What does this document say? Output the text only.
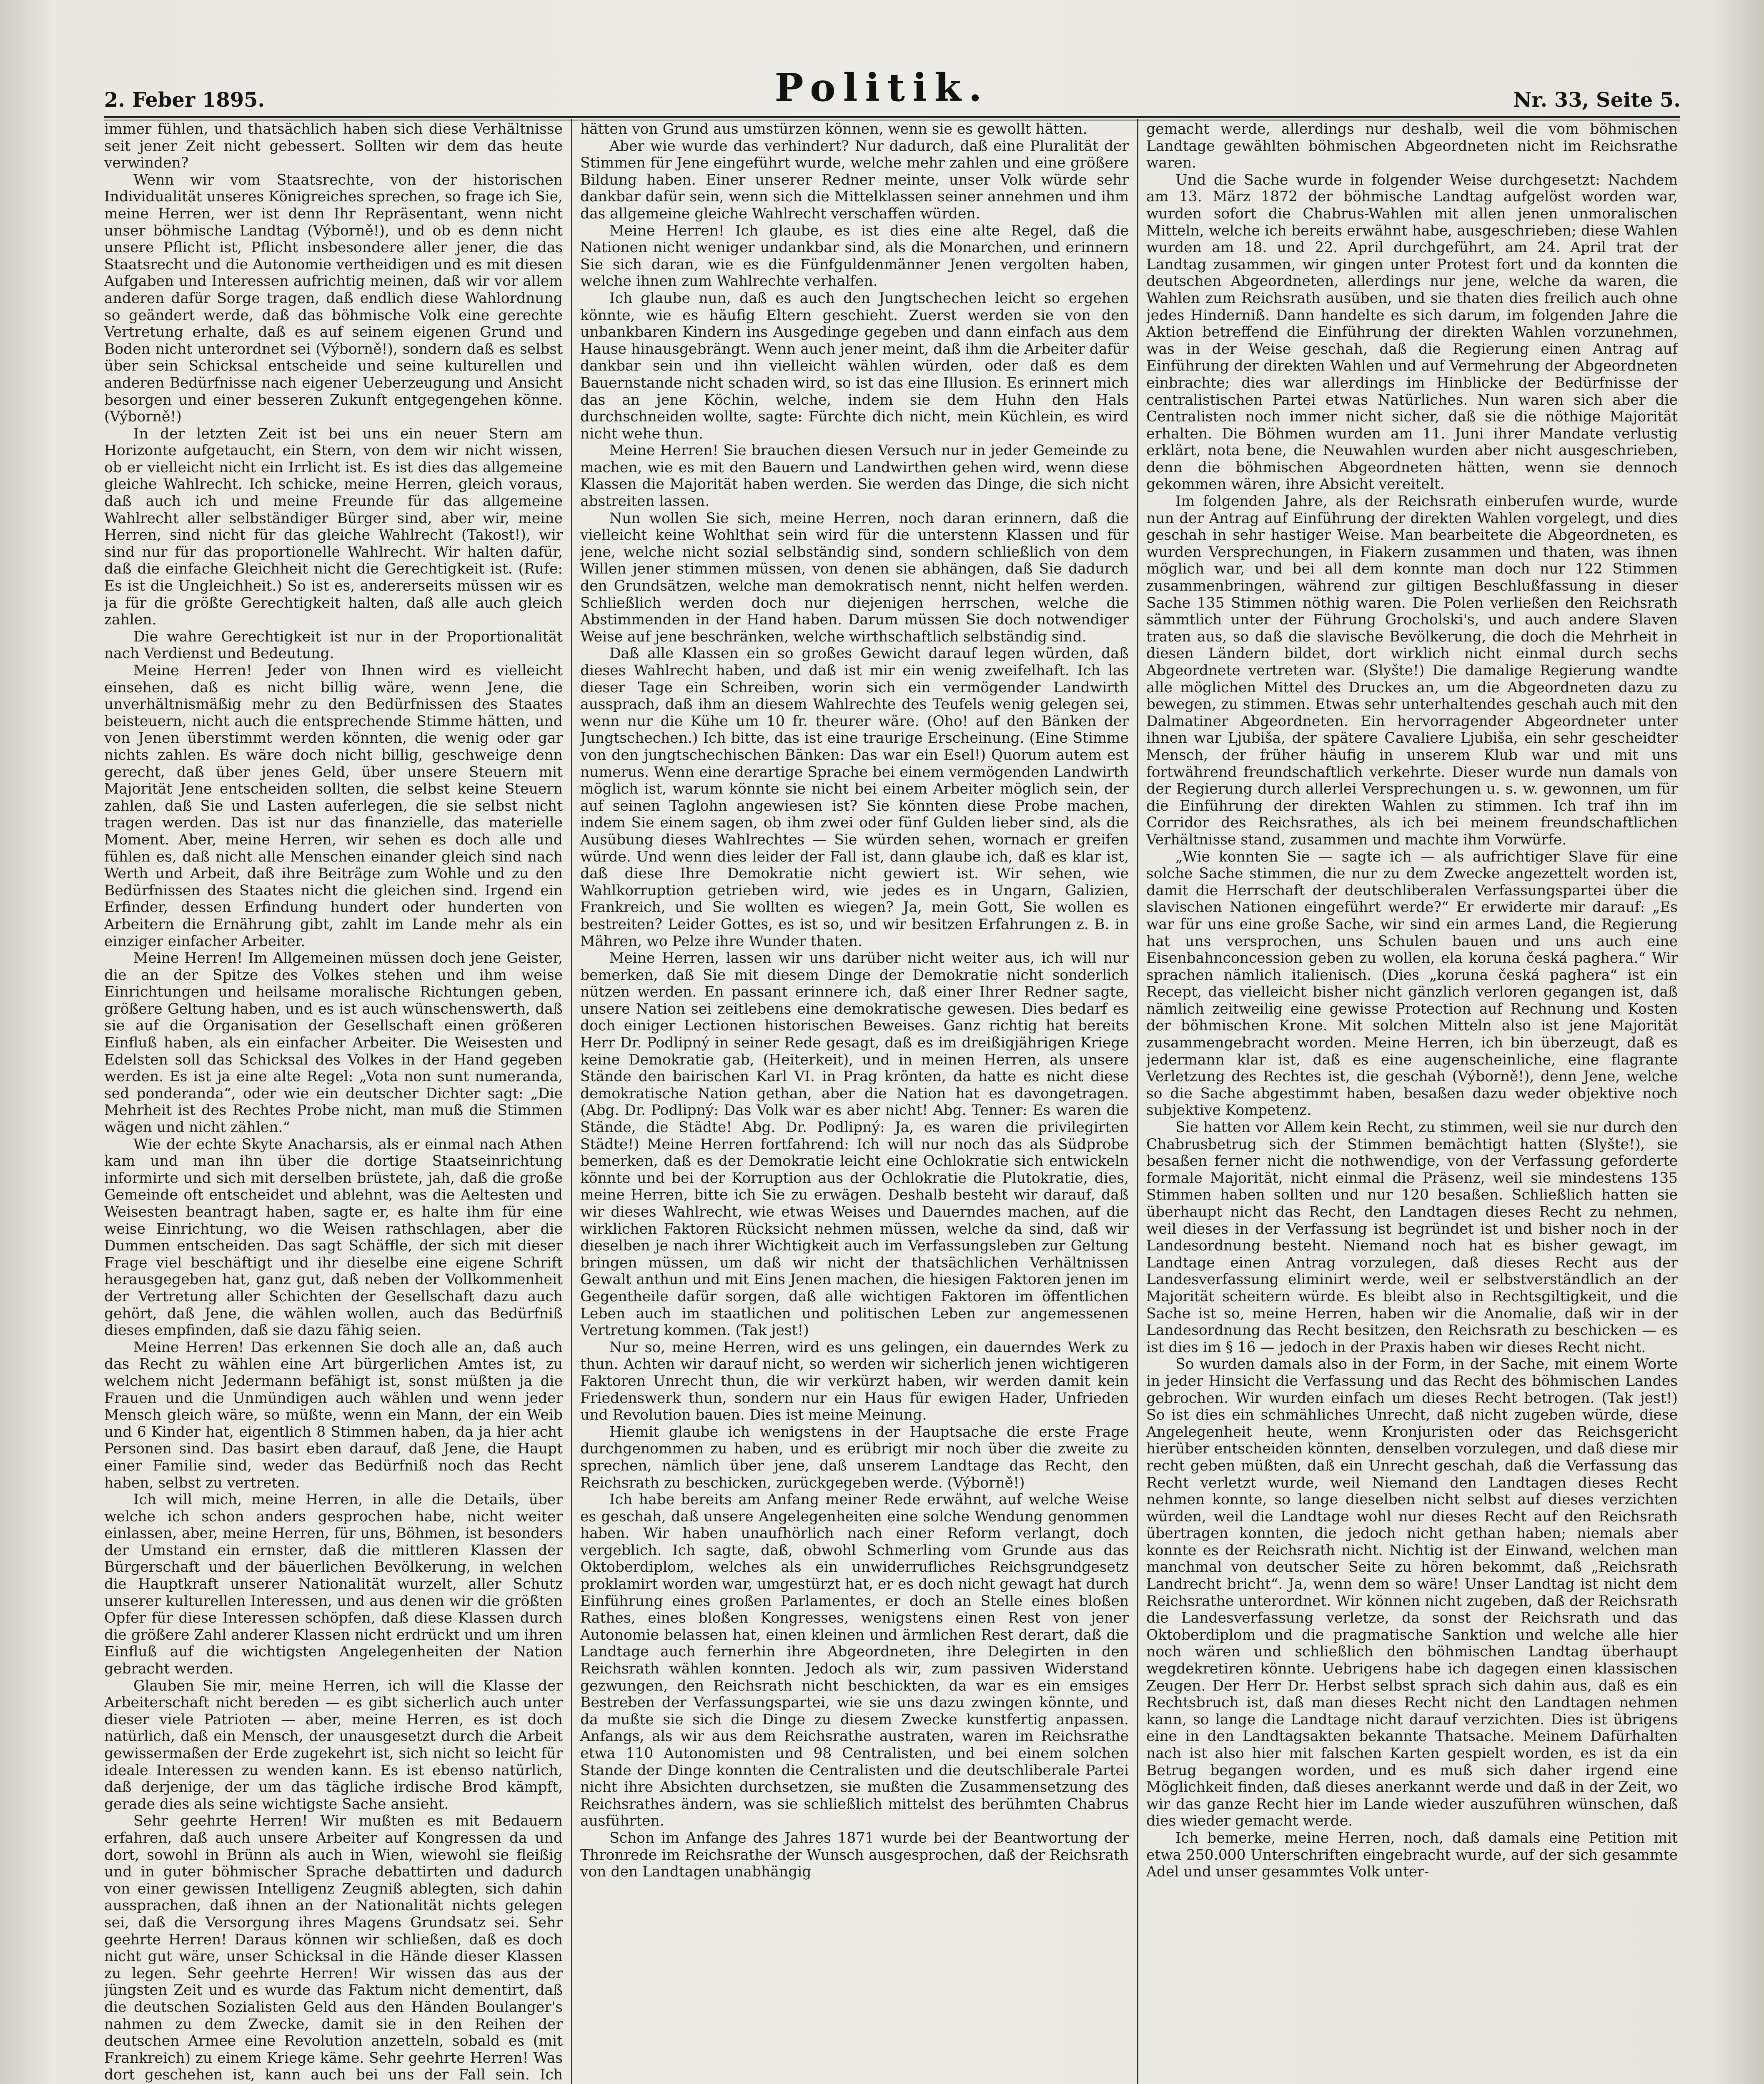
2. Feber 1895.	Politik.	Nr. 33, Seite 5.

immer fühlen, und thatsächlich haben sich diese Verhältnisse seit jener Zeit nicht gebessert. Sollten wir dem das heute verwinden?

Wenn wir vom Staatsrechte, von der historischen Individualität unseres Königreiches sprechen, so frage ich Sie, meine Herren, wer ist denn Ihr Repräsentant, wenn nicht unser böhmische Landtag (Výborně!), und ob es denn nicht unsere Pflicht ist, Pflicht insbesondere aller jener, die das Staatsrecht und die Autonomie vertheidigen und es mit diesen Aufgaben und Interessen aufrichtig meinen, daß wir vor allem anderen dafür Sorge tragen, daß endlich diese Wahlordnung so geändert werde, daß das böhmische Volk eine gerechte Vertretung erhalte, daß es auf seinem eigenen Grund und Boden nicht unterordnet sei (Výborně!), sondern daß es selbst über sein Schicksal entscheide und seine kulturellen und anderen Bedürfnisse nach eigener Ueberzeugung und Ansicht besorgen und einer besseren Zukunft entgegengehen könne. (Výborně!)

In der letzten Zeit ist bei uns ein neuer Stern am Horizonte aufgetaucht, ein Stern, von dem wir nicht wissen, ob er vielleicht nicht ein Irrlicht ist. Es ist dies das allgemeine gleiche Wahlrecht. Ich schicke, meine Herren, gleich voraus, daß auch ich und meine Freunde für das allgemeine Wahlrecht aller selbständiger Bürger sind, aber wir, meine Herren, sind nicht für das gleiche Wahlrecht (Takost!), wir sind nur für das proportionelle Wahlrecht. Wir halten dafür, daß die einfache Gleichheit nicht die Gerechtigkeit ist. (Rufe: Es ist die Ungleichheit.) So ist es, andererseits müssen wir es ja für die größte Gerechtigkeit halten, daß alle auch gleich zahlen.

Die wahre Gerechtigkeit ist nur in der Proportionalität nach Verdienst und Bedeutung.

Meine Herren! Jeder von Ihnen wird es vielleicht einsehen, daß es nicht billig wäre, wenn Jene, die unverhältnismäßig mehr zu den Bedürfnissen des Staates beisteuern, nicht auch die entsprechende Stimme hätten, und von Jenen überstimmt werden könnten, die wenig oder gar nichts zahlen. Es wäre doch nicht billig, geschweige denn gerecht, daß über jenes Geld, über unsere Steuern mit Majorität Jene entscheiden sollten, die selbst keine Steuern zahlen, daß Sie und Lasten auferlegen, die sie selbst nicht tragen werden. Das ist nur das finanzielle, das materielle Moment. Aber, meine Herren, wir sehen es doch alle und fühlen es, daß nicht alle Menschen einander gleich sind nach Werth und Arbeit, daß ihre Beiträge zum Wohle und zu den Bedürfnissen des Staates nicht die gleichen sind. Irgend ein Erfinder, dessen Erfindung hundert oder hunderten von Arbeitern die Ernährung gibt, zahlt im Lande mehr als ein einziger einfacher Arbeiter.

Meine Herren! Im Allgemeinen müssen doch jene Geister, die an der Spitze des Volkes stehen und ihm weise Einrichtungen und heilsame moralische Richtungen geben, größere Geltung haben, und es ist auch wünschenswerth, daß sie auf die Organisation der Gesellschaft einen größeren Einfluß haben, als ein einfacher Arbeiter. Die Weisesten und Edelsten soll das Schicksal des Volkes in der Hand gegeben werden. Es ist ja eine alte Regel: „Vota non sunt numeranda, sed ponderanda“, oder wie ein deutscher Dichter sagt: „Die Mehrheit ist des Rechtes Probe nicht, man muß die Stimmen wägen und nicht zählen.“

Wie der echte Skyte Anacharsis, als er einmal nach Athen kam und man ihn über die dortige Staatseinrichtung informirte und sich mit derselben brüstete, jah, daß die große Gemeinde oft entscheidet und ablehnt, was die Aeltesten und Weisesten beantragt haben, sagte er, es halte ihm für eine weise Einrichtung, wo die Weisen rathschlagen, aber die Dummen entscheiden. Das sagt Schäffle, der sich mit dieser Frage viel beschäftigt und ihr dieselbe eine eigene Schrift herausgegeben hat, ganz gut, daß neben der Vollkommenheit der Vertretung aller Schichten der Gesellschaft dazu auch gehört, daß Jene, die wählen wollen, auch das Bedürfniß dieses empfinden, daß sie dazu fähig seien.

Meine Herren! Das erkennen Sie doch alle an, daß auch das Recht zu wählen eine Art bürgerlichen Amtes ist, zu welchem nicht Jedermann befähigt ist, sonst müßten ja die Frauen und die Unmündigen auch wählen und wenn jeder Mensch gleich wäre, so müßte, wenn ein Mann, der ein Weib und 6 Kinder hat, eigentlich 8 Stimmen haben, da ja hier acht Personen sind. Das basirt eben darauf, daß Jene, die Haupt einer Familie sind, weder das Bedürfniß noch das Recht haben, selbst zu vertreten.

Ich will mich, meine Herren, in alle die Details, über welche ich schon anders gesprochen habe, nicht weiter einlassen, aber, meine Herren, für uns, Böhmen, ist besonders der Umstand ein ernster, daß die mittleren Klassen der Bürgerschaft und der bäuerlichen Bevölkerung, in welchen die Hauptkraft unserer Nationalität wurzelt, aller Schutz unserer kulturellen Interessen, und aus denen wir die größten Opfer für diese Interessen schöpfen, daß diese Klassen durch die größere Zahl anderer Klassen nicht erdrückt und um ihren Einfluß auf die wichtigsten Angelegenheiten der Nation gebracht werden.

Glauben Sie mir, meine Herren, ich will die Klasse der Arbeiterschaft nicht bereden — es gibt sicherlich auch unter dieser viele Patrioten — aber, meine Herren, es ist doch natürlich, daß ein Mensch, der unausgesetzt durch die Arbeit gewissermaßen der Erde zugekehrt ist, sich nicht so leicht für ideale Interessen zu wenden kann. Es ist ebenso natürlich, daß derjenige, der um das tägliche irdische Brod kämpft, gerade dies als seine wichtigste Sache ansieht.

Sehr geehrte Herren! Wir mußten es mit Bedauern erfahren, daß auch unsere Arbeiter auf Kongressen da und dort, sowohl in Brünn als auch in Wien, wiewohl sie fleißig und in guter böhmischer Sprache debattirten und dadurch von einer gewissen Intelligenz Zeugniß ablegten, sich dahin aussprachen, daß ihnen an der Nationalität nichts gelegen sei, daß die Versorgung ihres Magens Grundsatz sei. Sehr geehrte Herren! Daraus können wir schließen, daß es doch nicht gut wäre, unser Schicksal in die Hände dieser Klassen zu legen. Sehr geehrte Herren! Wir wissen das aus der jüngsten Zeit und es wurde das Faktum nicht dementirt, daß die deutschen Sozialisten Geld aus den Händen Boulanger's nahmen zu dem Zwecke, damit sie in den Reihen der deutschen Armee eine Revolution anzetteln, sobald es (mit Frankreich) zu einem Kriege käme. Sehr geehrte Herren! Was dort geschehen ist, kann auch bei uns der Fall sein. Ich

hätten von Grund aus umstürzen können, wenn sie es gewollt hätten.

Aber wie wurde das verhindert? Nur dadurch, daß eine Pluralität der Stimmen für Jene eingeführt wurde, welche mehr zahlen und eine größere Bildung haben. Einer unserer Redner meinte, unser Volk würde sehr dankbar dafür sein, wenn sich die Mittelklassen seiner annehmen und ihm das allgemeine gleiche Wahlrecht verschaffen würden.

Meine Herren! Ich glaube, es ist dies eine alte Regel, daß die Nationen nicht weniger undankbar sind, als die Monarchen, und erinnern Sie sich daran, wie es die Fünfguldenmänner Jenen vergolten haben, welche ihnen zum Wahlrechte verhalfen.

Ich glaube nun, daß es auch den Jungtschechen leicht so ergehen könnte, wie es häufig Eltern geschieht. Zuerst werden sie von den unbankbaren Kindern ins Ausgedinge gegeben und dann einfach aus dem Hause hinausgebrängt. Wenn auch jener meint, daß ihm die Arbeiter dafür dankbar sein und ihn vielleicht wählen würden, oder daß es dem Bauernstande nicht schaden wird, so ist das eine Illusion. Es erinnert mich das an jene Köchin, welche, indem sie dem Huhn den Hals durchschneiden wollte, sagte: Fürchte dich nicht, mein Küchlein, es wird nicht wehe thun.

Meine Herren! Sie brauchen diesen Versuch nur in jeder Gemeinde zu machen, wie es mit den Bauern und Landwirthen gehen wird, wenn diese Klassen die Majorität haben werden. Sie werden das Dinge, die sich nicht abstreiten lassen.

Nun wollen Sie sich, meine Herren, noch daran erinnern, daß die vielleicht keine Wohlthat sein wird für die unterstenn Klassen und für jene, welche nicht sozial selbständig sind, sondern schließlich von dem Willen jener stimmen müssen, von denen sie abhängen, daß Sie dadurch den Grundsätzen, welche man demokratisch nennt, nicht helfen werden. Schließlich werden doch nur diejenigen herrschen, welche die Abstimmenden in der Hand haben. Darum müssen Sie doch notwendiger Weise auf jene beschränken, welche wirthschaftlich selbständig sind.

Daß alle Klassen ein so großes Gewicht darauf legen würden, daß dieses Wahlrecht haben, und daß ist mir ein wenig zweifelhaft. Ich las dieser Tage ein Schreiben, worin sich ein vermögender Landwirth aussprach, daß ihm an diesem Wahlrechte des Teufels wenig gelegen sei, wenn nur die Kühe um 10 fr. theurer wäre. (Oho! auf den Bänken der Jungtschechen.) Ich bitte, das ist eine traurige Erscheinung. (Eine Stimme von den jungtschechischen Bänken: Das war ein Esel!) Quorum autem est numerus. Wenn eine derartige Sprache bei einem vermögenden Landwirth möglich ist, warum könnte sie nicht bei einem Arbeiter möglich sein, der auf seinen Taglohn angewiesen ist? Sie könnten diese Probe machen, indem Sie einem sagen, ob ihm zwei oder fünf Gulden lieber sind, als die Ausübung dieses Wahlrechtes — Sie würden sehen, wornach er greifen würde. Und wenn dies leider der Fall ist, dann glaube ich, daß es klar ist, daß diese Ihre Demokratie nicht gewiert ist. Wir sehen, wie Wahlkorruption getrieben wird, wie jedes es in Ungarn, Galizien, Frankreich, und Sie wollten es wiegen? Ja, mein Gott, Sie wollen es bestreiten? Leider Gottes, es ist so, und wir besitzen Erfahrungen z. B. in Mähren, wo Pelze ihre Wunder thaten.

Meine Herren, lassen wir uns darüber nicht weiter aus, ich will nur bemerken, daß Sie mit diesem Dinge der Demokratie nicht sonderlich nützen werden. En passant erinnere ich, daß einer Ihrer Redner sagte, unsere Nation sei zeitlebens eine demokratische gewesen. Dies bedarf es doch einiger Lectionen historischen Beweises. Ganz richtig hat bereits Herr Dr. Podlipný in seiner Rede gesagt, daß es im dreißigjährigen Kriege keine Demokratie gab, (Heiterkeit), und in meinen Herren, als unsere Stände den bairischen Karl VI. in Prag krönten, da hatte es nicht diese demokratische Nation gethan, aber die Nation hat es davongetragen. (Abg. Dr. Podlipný: Das Volk war es aber nicht! Abg. Tenner: Es waren die Stände, die Städte! Abg. Dr. Podlipný: Ja, es waren die privilegirten Städte!) Meine Herren fortfahrend: Ich will nur noch das als Südprobe bemerken, daß es der Demokratie leicht eine Ochlokratie sich entwickeln könnte und bei der Korruption aus der Ochlokratie die Plutokratie, dies, meine Herren, bitte ich Sie zu erwägen. Deshalb besteht wir darauf, daß wir dieses Wahlrecht, wie etwas Weises und Dauerndes machen, auf die wirklichen Faktoren Rücksicht nehmen müssen, welche da sind, daß wir dieselben je nach ihrer Wichtigkeit auch im Verfassungsleben zur Geltung bringen müssen, um daß wir nicht der thatsächlichen Verhältnissen Gewalt anthun und mit Eins Jenen machen, die hiesigen Faktoren jenen im Gegentheile dafür sorgen, daß alle wichtigen Faktoren im öffentlichen Leben auch im staatlichen und politischen Leben zur angemessenen Vertretung kommen. (Tak jest!)

Nur so, meine Herren, wird es uns gelingen, ein dauerndes Werk zu thun. Achten wir darauf nicht, so werden wir sicherlich jenen wichtigeren Faktoren Unrecht thun, die wir verkürzt haben, wir werden damit kein Friedenswerk thun, sondern nur ein Haus für ewigen Hader, Unfrieden und Revolution bauen. Dies ist meine Meinung.

Hiemit glaube ich wenigstens in der Hauptsache die erste Frage durchgenommen zu haben, und es erübrigt mir noch über die zweite zu sprechen, nämlich über jene, daß unserem Landtage das Recht, den Reichsrath zu beschicken, zurückgegeben werde. (Výborně!)

Ich habe bereits am Anfang meiner Rede erwähnt, auf welche Weise es geschah, daß unsere Angelegenheiten eine solche Wendung genommen haben. Wir haben unaufhörlich nach einer Reform verlangt, doch vergeblich. Ich sagte, daß, obwohl Schmerling vom Grunde aus das Oktoberdiplom, welches als ein unwiderrufliches Reichsgrundgesetz proklamirt worden war, umgestürzt hat, er es doch nicht gewagt hat durch Einführung eines großen Parlamentes, er doch an Stelle eines bloßen Rathes, eines bloßen Kongresses, wenigstens einen Rest von jener Autonomie belassen hat, einen kleinen und ärmlichen Rest derart, daß die Landtage auch fernerhin ihre Abgeordneten, ihre Delegirten in den Reichsrath wählen konnten. Jedoch als wir, zum passiven Widerstand gezwungen, den Reichsrath nicht beschickten, da war es ein emsiges Bestreben der Verfassungspartei, wie sie uns dazu zwingen könnte, und da mußte sie sich die Dinge zu diesem Zwecke kunstfertig anpassen. Anfangs, als wir aus dem Reichsrathe austraten, waren im Reichsrathe etwa 110 Autonomisten und 98 Centralisten, und bei einem solchen Stande der Dinge konnten die Centralisten und die deutschliberale Partei nicht ihre Absichten durchsetzen, sie mußten die Zusammensetzung des Reichsrathes ändern, was sie schließlich mittelst des berühmten Chabrus ausführten.

Schon im Anfange des Jahres 1871 wurde bei der Beantwortung der Thronrede im Reichsrathe der Wunsch ausgesprochen, daß der Reichsrath von den Landtagen unabhängig

gemacht werde, allerdings nur deshalb, weil die vom böhmischen Landtage gewählten böhmischen Abgeordneten nicht im Reichsrathe waren.

Und die Sache wurde in folgender Weise durchgesetzt: Nachdem am 13. März 1872 der böhmische Landtag aufgelöst worden war, wurden sofort die Chabrus-Wahlen mit allen jenen unmoralischen Mitteln, welche ich bereits erwähnt habe, ausgeschrieben; diese Wahlen wurden am 18. und 22. April durchgeführt, am 24. April trat der Landtag zusammen, wir gingen unter Protest fort und da konnten die deutschen Abgeordneten, allerdings nur jene, welche da waren, die Wahlen zum Reichsrath ausüben, und sie thaten dies freilich auch ohne jedes Hinderniß. Dann handelte es sich darum, im folgenden Jahre die Aktion betreffend die Einführung der direkten Wahlen vorzunehmen, was in der Weise geschah, daß die Regierung einen Antrag auf Einführung der direkten Wahlen und auf Vermehrung der Abgeordneten einbrachte; dies war allerdings im Hinblicke der Bedürfnisse der centralistischen Partei etwas Natürliches. Nun waren sich aber die Centralisten noch immer nicht sicher, daß sie die nöthige Majorität erhalten. Die Böhmen wurden am 11. Juni ihrer Mandate verlustig erklärt, nota bene, die Neuwahlen wurden aber nicht ausgeschrieben, denn die böhmischen Abgeordneten hätten, wenn sie dennoch gekommen wären, ihre Absicht vereitelt.

Im folgenden Jahre, als der Reichsrath einberufen wurde, wurde nun der Antrag auf Einführung der direkten Wahlen vorgelegt, und dies geschah in sehr hastiger Weise. Man bearbeitete die Abgeordneten, es wurden Versprechungen, in Fiakern zusammen und thaten, was ihnen möglich war, und bei all dem konnte man doch nur 122 Stimmen zusammenbringen, während zur giltigen Beschlußfassung in dieser Sache 135 Stimmen nöthig waren. Die Polen verließen den Reichsrath sämmtlich unter der Führung Grocholski's, und auch andere Slaven traten aus, so daß die slavische Bevölkerung, die doch die Mehrheit in diesen Ländern bildet, dort wirklich nicht einmal durch sechs Abgeordnete vertreten war. (Slyšte!) Die damalige Regierung wandte alle möglichen Mittel des Druckes an, um die Abgeordneten dazu zu bewegen, zu stimmen. Etwas sehr unterhaltendes geschah auch mit den Dalmatiner Abgeordneten. Ein hervorragender Abgeordneter unter ihnen war Ljubiša, der spätere Cavaliere Ljubiša, ein sehr gescheidter Mensch, der früher häufig in unserem Klub war und mit uns fortwährend freundschaftlich verkehrte. Dieser wurde nun damals von der Regierung durch allerlei Versprechungen u. s. w. gewonnen, um für die Einführung der direkten Wahlen zu stimmen. Ich traf ihn im Corridor des Reichsrathes, als ich bei meinem freundschaftlichen Verhältnisse stand, zusammen und machte ihm Vorwürfe.

„Wie konnten Sie — sagte ich — als aufrichtiger Slave für eine solche Sache stimmen, die nur zu dem Zwecke angezettelt worden ist, damit die Herrschaft der deutschliberalen Verfassungspartei über die slavischen Nationen eingeführt werde?“ Er erwiderte mir darauf: „Es war für uns eine große Sache, wir sind ein armes Land, die Regierung hat uns versprochen, uns Schulen bauen und uns auch eine Eisenbahnconcession geben zu wollen, ela koruna česká paghera.“ Wir sprachen nämlich italienisch. (Dies „koruna česká paghera“ ist ein Recept, das vielleicht bisher nicht gänzlich verloren gegangen ist, daß nämlich zeitweilig eine gewisse Protection auf Rechnung und Kosten der böhmischen Krone. Mit solchen Mitteln also ist jene Majorität zusammengebracht worden. Meine Herren, ich bin überzeugt, daß es jedermann klar ist, daß es eine augenscheinliche, eine flagrante Verletzung des Rechtes ist, die geschah (Výborně!), denn Jene, welche so die Sache abgestimmt haben, besaßen dazu weder objektive noch subjektive Kompetenz.

Sie hatten vor Allem kein Recht, zu stimmen, weil sie nur durch den Chabrusbetrug sich der Stimmen bemächtigt hatten (Slyšte!), sie besaßen ferner nicht die nothwendige, von der Verfassung geforderte formale Majorität, nicht einmal die Präsenz, weil sie mindestens 135 Stimmen haben sollten und nur 120 besaßen. Schließlich hatten sie überhaupt nicht das Recht, den Landtagen dieses Recht zu nehmen, weil dieses in der Verfassung ist begründet ist und bisher noch in der Landesordnung besteht. Niemand noch hat es bisher gewagt, im Landtage einen Antrag vorzulegen, daß dieses Recht aus der Landesverfassung eliminirt werde, weil er selbstverständlich an der Majorität scheitern würde. Es bleibt also in Rechtsgiltigkeit, und die Sache ist so, meine Herren, haben wir die Anomalie, daß wir in der Landesordnung das Recht besitzen, den Reichsrath zu beschicken — es ist dies im § 16 — jedoch in der Praxis haben wir dieses Recht nicht.

So wurden damals also in der Form, in der Sache, mit einem Worte in jeder Hinsicht die Verfassung und das Recht des böhmischen Landes gebrochen. Wir wurden einfach um dieses Recht betrogen. (Tak jest!) So ist dies ein schmähliches Unrecht, daß nicht zugeben würde, diese Angelegenheit heute, wenn Kronjuristen oder das Reichsgericht hierüber entscheiden könnten, denselben vorzulegen, und daß diese mir recht geben müßten, daß ein Unrecht geschah, daß die Verfassung das Recht verletzt wurde, weil Niemand den Landtagen dieses Recht nehmen konnte, so lange dieselben nicht selbst auf dieses verzichten würden, weil die Landtage wohl nur dieses Recht auf den Reichsrath übertragen konnten, die jedoch nicht gethan haben; niemals aber konnte es der Reichsrath nicht. Nichtig ist der Einwand, welchen man manchmal von deutscher Seite zu hören bekommt, daß „Reichsrath Landrecht bricht“. Ja, wenn dem so wäre! Unser Landtag ist nicht dem Reichsrathe unterordnet. Wir können nicht zugeben, daß der Reichsrath die Landesverfassung verletze, da sonst der Reichsrath und das Oktoberdiplom und die pragmatische Sanktion und welche alle hier noch wären und schließlich den böhmischen Landtag überhaupt wegdekretiren könnte. Uebrigens habe ich dagegen einen klassischen Zeugen. Der Herr Dr. Herbst selbst sprach sich dahin aus, daß es ein Rechtsbruch ist, daß man dieses Recht nicht den Landtagen nehmen kann, so lange die Landtage nicht darauf verzichten. Dies ist übrigens eine in den Landtagsakten bekannte Thatsache. Meinem Dafürhalten nach ist also hier mit falschen Karten gespielt worden, es ist da ein Betrug begangen worden, und es muß sich daher irgend eine Möglichkeit finden, daß dieses anerkannt werde und daß in der Zeit, wo wir das ganze Recht hier im Lande wieder auszuführen wünschen, daß dies wieder gemacht werde.

Ich bemerke, meine Herren, noch, daß damals eine Petition mit etwa 250.000 Unterschriften eingebracht wurde, auf der sich gesammte Adel und unser gesammtes Volk unter-
